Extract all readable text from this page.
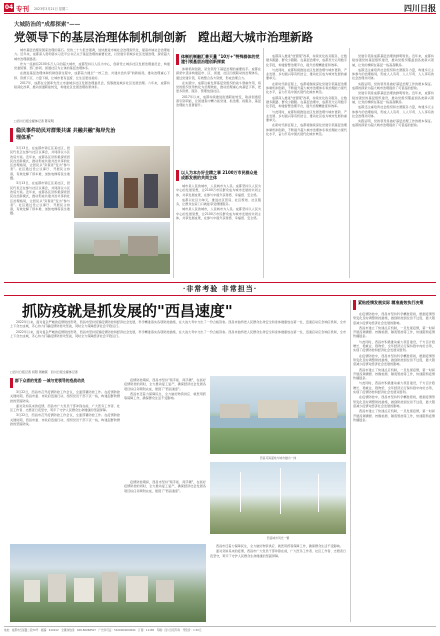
04 专刊 2023年3月21日 星期二	四川日报
大城防治的"成都探索"——
党领导下的基层治理体制机制创新　蹚出超大城市治理新路

城市基层治理是国家治理的基石。党的二十大报告强调，加快推进市域社会治理现代化，提高市域社会治理能力。近年来，成都深入贯彻落实习近平总书记关于基层治理的重要论述，以党建引领城乡社区发展治理，探索超大城市治理新路径。

作为一座拥有2100多万人口的超大城市，成都坚持以人民为中心，创新设立城乡社区发展治理委员会，构建党委统筹、部门协同、街道社区为主体的基层治理体系。

在推进基层治理体制机制创新过程中，成都着力健全"一核三治、共建共治共享"的新格局，推动治理重心下移、资源下沉、力量下倾，让城市更有温度、让生活更加美好。

2017年，成都在全国率先设立市委城乡社区发展治理委员会，统筹推进城乡社区发展治理。六年来，成都持续深化改革，推动街道职能转变，构建社区发展治理政策体系。

□四川日报全媒体记者 陈家明
稳民事件助民对群策共谋 共融共融"海岸先治理体系"

3月13日，在成都市锦江区某社区，居民代表正在参与社区议事会，共同商议小区改造方案。近年来，成都各区县积极探索居民自治新模式，推动形成共建共治共享的社区治理格局，让居民从"旁观者"变为"参与者"。社区通过设立议事厅、开展民主协商，有效化解了停车难、加装电梯等民生难题。

3月13日，在成都市锦江区某社区，居民代表正在参与社区议事会，共同商议小区改造方案。近年来，成都各区县积极探索居民自治新模式，推动形成共建共治共享的社区治理格局，让居民从"旁观者"变为"参与者"。社区通过设立议事厅、开展民主协商，有效化解了停车难、加装电梯等民生难题。

体制机制融汇善天量 "10万+"特殊群体的党建引领基层治理创新探索

体制机制创新，是党领导下基层治理的重要抓手。成都在探索中逐步构建起市、区、街道、社区四级联动的治理体系，通过党建引领，有效整合各方资源，形成治理合力。

在实践中，成都注重发挥基层党组织的战斗堡垒作用，将党的组织优势转化为治理效能，推动治理重心向基层下移，把更多资源、服务、管理放到社区。

2017年以来，成都持续推进街道职能转变，取消街道招商引资职能，让街道集中精力抓党建、抓治理、抓服务，基层治理能力显著提升。

以人为本办好全精之事 2100万市民群众是成都发展的共同主体

城市是人民的城市，人民城市为人民。成都坚持以人民为中心的发展思想，让2100万市民群众成为城市发展的共同主体，共享发展成果，在参与中提升获得感、幸福感、安全感。

成都以社区为单元，推进社区营造、社区规划、社区服务，让群众在家门口就能享受便捷服务。

城市是人民的城市，人民城市为人民。成都坚持以人民为中心的发展思想，让2100万市民群众成为城市发展的共同主体，共享发展成果，在参与中提升获得感、幸福感、安全感。

成都深入推进"放管服"改革，持续优化政务服务，让数据多跑路、群众少跑腿。在基层治理中，成都充分运用数字化手段，构建智慧治理平台，提升治理精准度和效率。

与此同时，成都积极推进社区发展治理与城市更新、产业发展、乡村振兴等有机结合，推动社区成为城市发展的重要单元。

在新时代新征程上，成都将继续深化党建引领基层治理体制机制创新，不断提升超大城市治理体系和治理能力现代化水平，奋力打造中国式现代化城市典范。

成都深入推进"放管服"改革，持续优化政务服务，让数据多跑路、群众少跑腿。在基层治理中，成都充分运用数字化手段，构建智慧治理平台，提升治理精准度和效率。

与此同时，成都积极推进社区发展治理与城市更新、产业发展、乡村振兴等有机结合，推动社区成为城市发展的重要单元。

在新时代新征程上，成都将继续深化党建引领基层治理体制机制创新，不断提升超大城市治理体系和治理能力现代化水平，奋力打造中国式现代化城市典范。

党建引领是成都基层治理的鲜明特色。近年来，成都持续加强党的基层组织建设，推动党组织覆盖到各类新兴领域，让党的旗帜在基层一线高高飘扬。

成都还注重培育社会组织和志愿服务力量，构建多元主体参与的治理格局，形成人人有责、人人尽责、人人享有的社会治理共同体。

实践证明，党的领导是做好基层治理工作的根本保证。成都的探索为超大城市治理提供了可借鉴的经验。

党建引领是成都基层治理的鲜明特色。近年来，成都持续加强党的基层组织建设，推动党组织覆盖到各类新兴领域，让党的旗帜在基层一线高高飘扬。

成都还注重培育社会组织和志愿服务力量，构建多元主体参与的治理格局，形成人人有责、人人尽责、人人享有的社会治理共同体。

实践证明，党的领导是做好基层治理工作的根本保证。成都的探索为超大城市治理提供了可借鉴的经验。

·非常考验 非常担当·
抓防疫就是抓发展的"西昌速度"	紧贴疫情发展实际 精准高效执行决策

在疫情防控中，西昌市坚持科学精准原则，根据疫情形势变化及时调整防控措施，做到防控到位但不过度，最大限度减少疫情对经济社会发展的影响。

西昌市建立了快速反应机制，一旦发现疫情，第一时间开展流调溯源、核酸检测、隔离管控等工作，快速阻断疫情传播链条。

与此同时，西昌市积极推动重大项目建设，千方百计稳增长、稳就业、稳物价，全年经济运行保持稳中向好态势，实现了疫情防控和经济社会发展双胜利。

在疫情防控中，西昌市坚持科学精准原则，根据疫情形势变化及时调整防控措施，做到防控到位但不过度，最大限度减少疫情对经济社会发展的影响。

西昌市建立了快速反应机制，一旦发现疫情，第一时间开展流调溯源、核酸检测、隔离管控等工作，快速阻断疫情传播链条。

与此同时，西昌市积极推动重大项目建设，千方百计稳增长、稳就业、稳物价，全年经济运行保持稳中向好态势，实现了疫情防控和经济社会发展双胜利。

在疫情防控中，西昌市坚持科学精准原则，根据疫情形势变化及时调整防控措施，做到防控到位但不过度，最大限度减少疫情对经济社会发展的影响。

西昌市建立了快速反应机制，一旦发现疫情，第一时间开展流调溯源、核酸检测、隔离管控等工作，快速阻断疫情传播链条。

2022年以来，面对复杂严峻的疫情防控形势，西昌市坚持统筹疫情防控和经济社会发展，科学精准落实各项防控措施，在大战大考中交出了一份合格答卷。西昌市始终把人民群众生命安全和身体健康放在第一位，迅速启动应急响应机制，全市上下众志成城，齐心协力打赢疫情防控攻坚战，同时全力保障经济社会平稳运行。

2022年以来，面对复杂严峻的疫情防控形势，西昌市坚持统筹疫情防控和经济社会发展，科学精准落实各项防控措施，在大战大考中交出了一份合格答卷。西昌市始终把人民群众生命安全和身体健康放在第一位，迅速启动应急响应机制，全市上下众志成城，齐心协力打赢疫情防控攻坚战，同时全力保障经济社会平稳运行。

□四川日报记者 何阳 周晓燕　四川日报全媒体记者
群下众者的党委 一城与党领导的疫战动员

3月22日，西昌市召开疫情防控工作会议，全面部署防控工作。在疫情防控关键时期，西昌市委、市政府迅速行动，组织党员干部下沉一线，构建起群防群控的坚固防线。

面对突如其来的疫情，西昌市广大党员干部冲锋在前，广大医务工作者、社区工作者、志愿者日夜坚守，筑牢了守护人民群众生命健康的坚固屏障。

3月22日，西昌市召开疫情防控工作会议，全面部署防控工作。在疫情防控关键时期，西昌市委、市政府迅速行动，组织党员干部下沉一线，构建起群防群控的坚固防线。

西昌邛海湿地与城市融为一体

疫情防控期间，西昌市坚持"两手抓、两手硬"，在抓好疫情防控的同时，全力推动复工复产，确保经济社会发展各项目标任务顺利完成，展现了"西昌速度"。

西昌市还着力保障民生，全力做好物资供应、就医用药等保障工作，确保群众生活不受影响。

西昌城市风光一瞥

疫情防控期间，西昌市坚持"两手抓、两手硬"，在抓好疫情防控的同时，全力推动复工复产，确保经济社会发展各项目标任务顺利完成，展现了"西昌速度"。

西昌市还着力保障民生，全力做好物资供应、就医用药等保障工作，确保群众生活不受影响。

面对突如其来的疫情，西昌市广大党员干部冲锋在前，广大医务工作者、社区工作者、志愿者日夜坚守，筑牢了守护人民群众生命健康的坚固屏障。

地址：成都市红星路二段70号　邮编：610012　全媒体热线：028-86968507　广告许可证：5100004000094　订阅：11185　印刷：四川日报印务　零售价：1.50元
